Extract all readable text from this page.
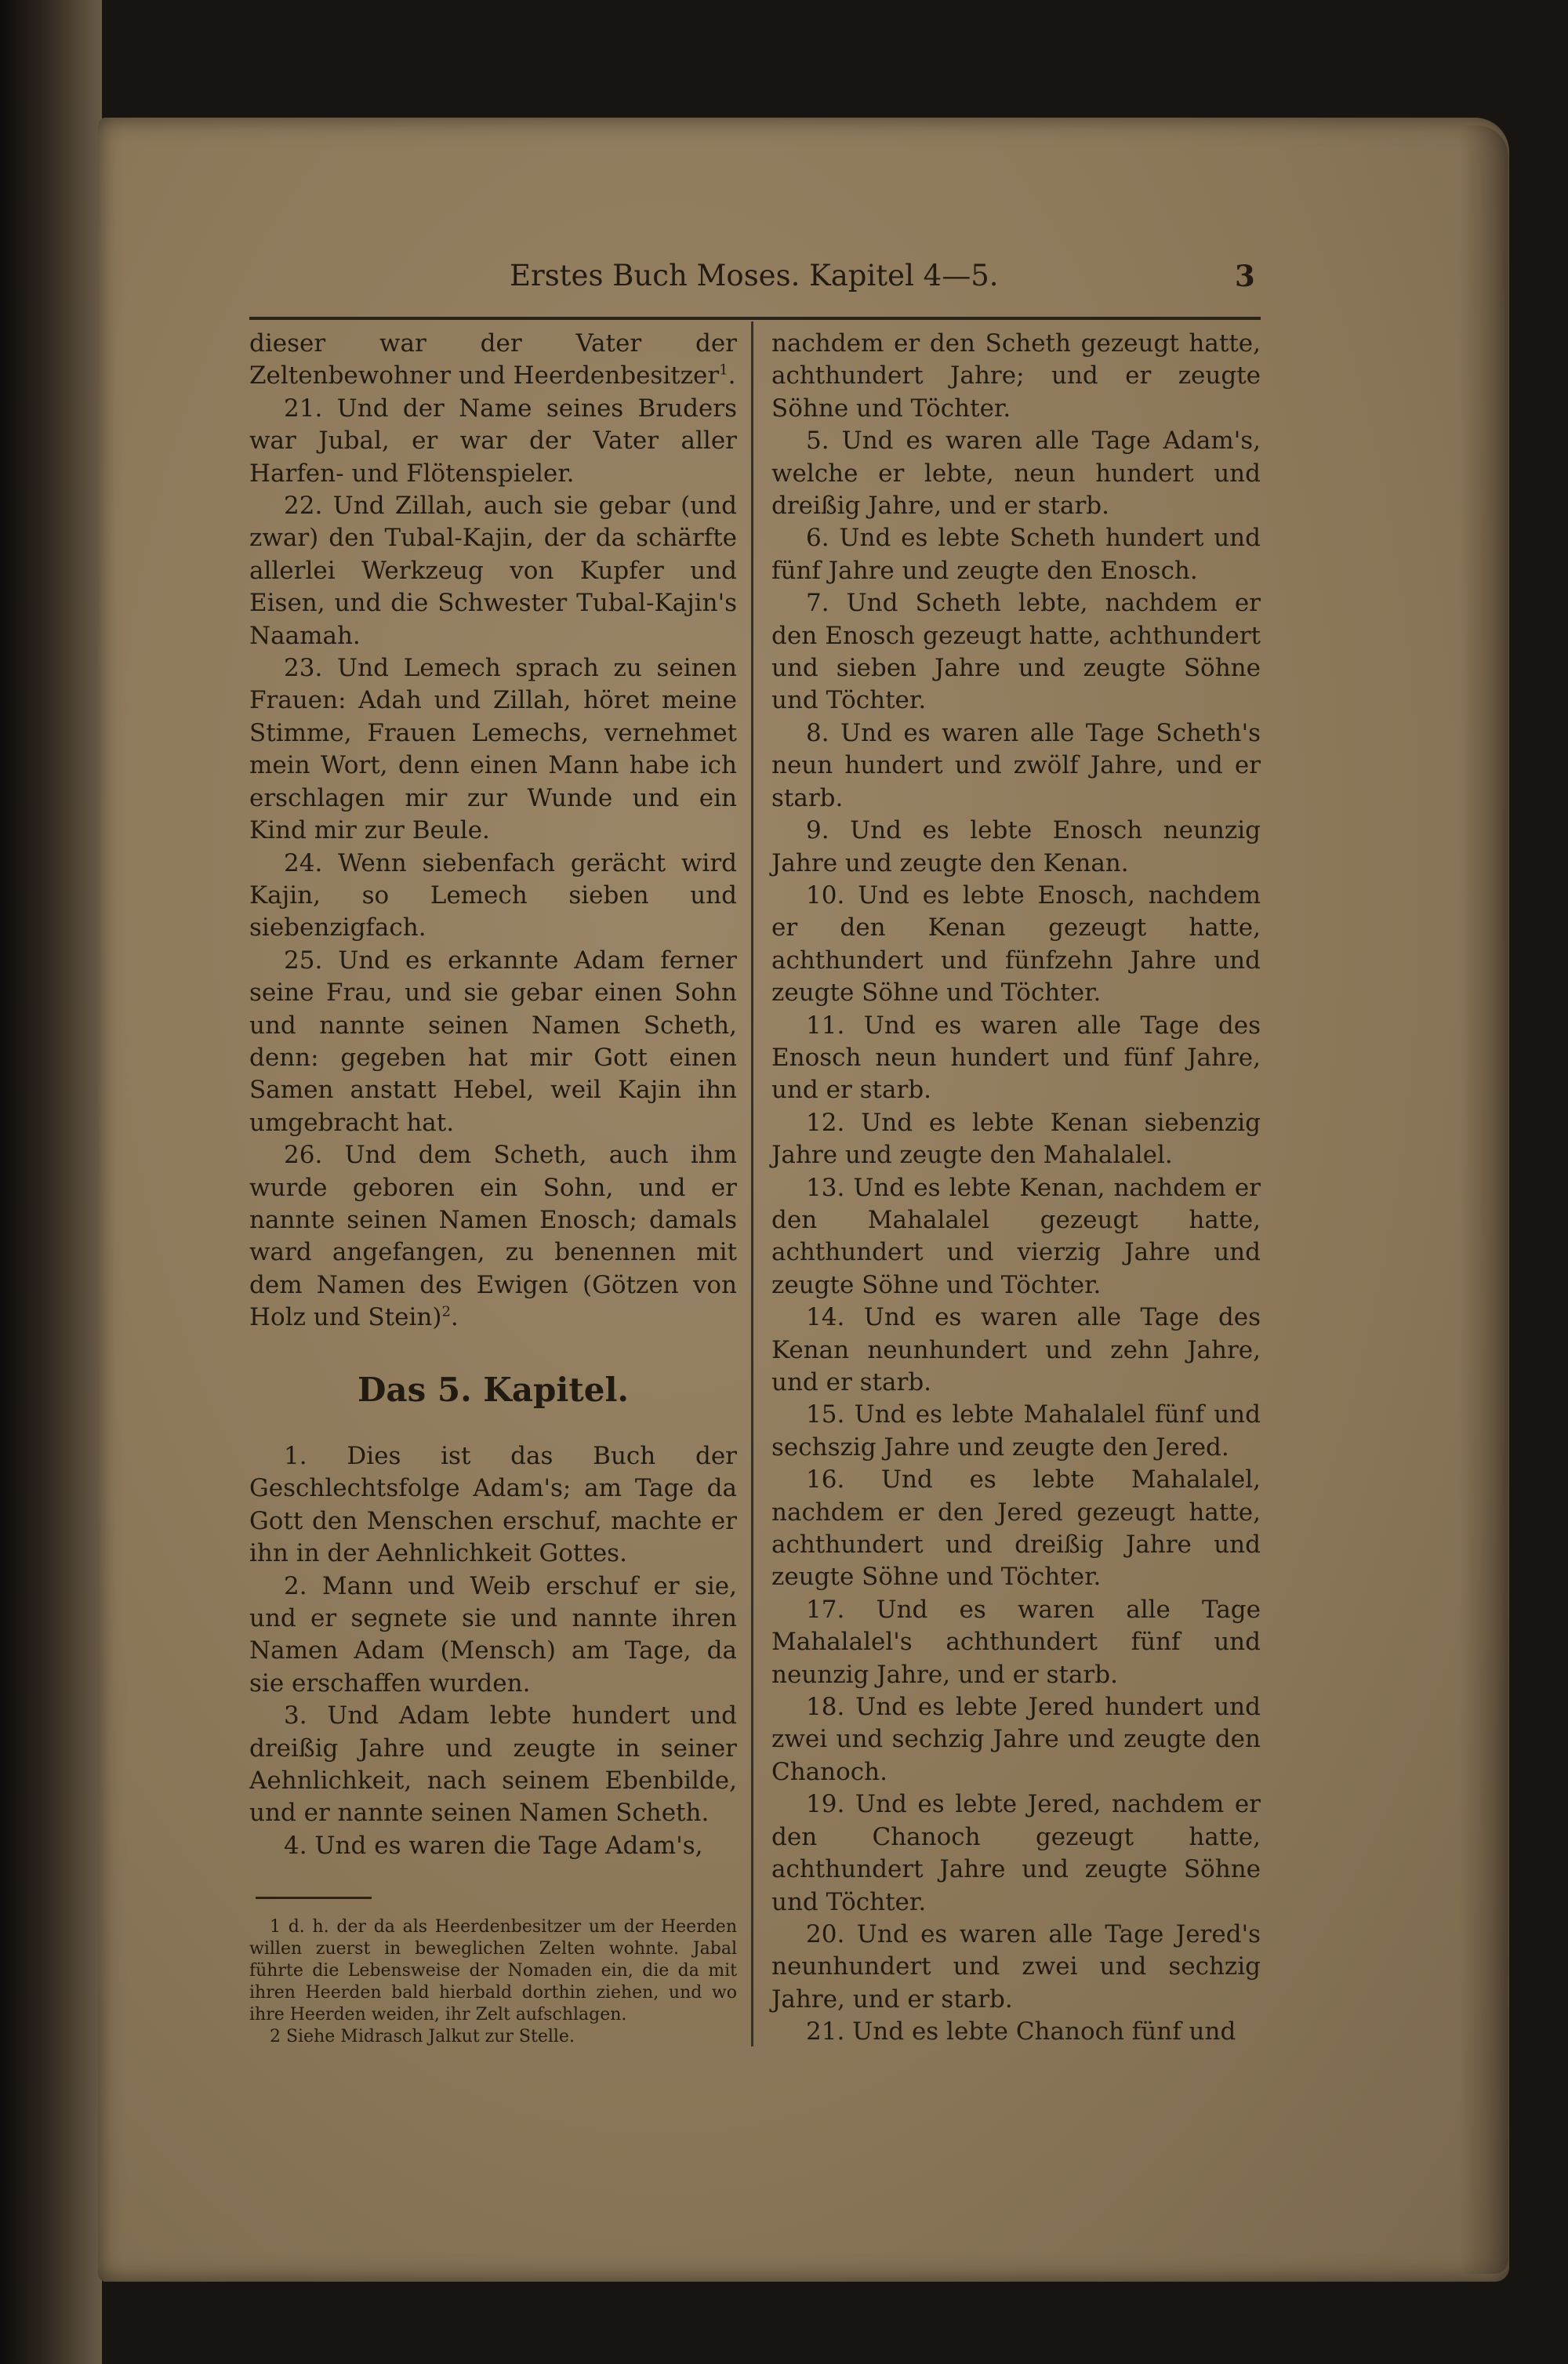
Erstes Buch Moses. Kapitel 4—5.	3

dieser war der Vater der Zeltenbewohner und Heerdenbesitzer$^1$.

21. Und der Name seines Bruders war Jubal, er war der Vater aller Harfen- und Flötenspieler.

22. Und Zillah, auch sie gebar (und zwar) den Tubal-Kajin, der da schärfte allerlei Werkzeug von Kupfer und Eisen, und die Schwester Tubal-Kajin's Naamah.

23. Und Lemech sprach zu seinen Frauen: Adah und Zillah, höret meine Stimme, Frauen Lemechs, vernehmet mein Wort, denn einen Mann habe ich erschlagen mir zur Wunde und ein Kind mir zur Beule.

24. Wenn siebenfach gerächt wird Kajin, so Lemech sieben und siebenzigfach.

25. Und es erkannte Adam ferner seine Frau, und sie gebar einen Sohn und nannte seinen Namen Scheth, denn: gegeben hat mir Gott einen Samen anstatt Hebel, weil Kajin ihn umgebracht hat.

26. Und dem Scheth, auch ihm wurde geboren ein Sohn, und er nannte seinen Namen Enosch; damals ward angefangen, zu benennen mit dem Namen des Ewigen (Götzen von Holz und Stein)$^2$.

Das 5. Kapitel.

1. Dies ist das Buch der Geschlechtsfolge Adam's; am Tage da Gott den Menschen erschuf, machte er ihn in der Aehnlichkeit Gottes.

2. Mann und Weib erschuf er sie, und er segnete sie und nannte ihren Namen Adam (Mensch) am Tage, da sie erschaffen wurden.

3. Und Adam lebte hundert und dreißig Jahre und zeugte in seiner Aehnlichkeit, nach seinem Ebenbilde, und er nannte seinen Namen Scheth.

4. Und es waren die Tage Adam's,

1 d. h. der da als Heerdenbesitzer um der Heerden willen zuerst in beweglichen Zelten wohnte. Jabal führte die Lebensweise der Nomaden ein, die da mit ihren Heerden bald hierbald dorthin ziehen, und wo ihre Heerden weiden, ihr Zelt aufschlagen.

2 Siehe Midrasch Jalkut zur Stelle.

nachdem er den Scheth gezeugt hatte, achthundert Jahre; und er zeugte Söhne und Töchter.

5. Und es waren alle Tage Adam's, welche er lebte, neun hundert und dreißig Jahre, und er starb.

6. Und es lebte Scheth hundert und fünf Jahre und zeugte den Enosch.

7. Und Scheth lebte, nachdem er den Enosch gezeugt hatte, achthundert und sieben Jahre und zeugte Söhne und Töchter.

8. Und es waren alle Tage Scheth's neun hundert und zwölf Jahre, und er starb.

9. Und es lebte Enosch neunzig Jahre und zeugte den Kenan.

10. Und es lebte Enosch, nachdem er den Kenan gezeugt hatte, achthundert und fünfzehn Jahre und zeugte Söhne und Töchter.

11. Und es waren alle Tage des Enosch neun hundert und fünf Jahre, und er starb.

12. Und es lebte Kenan siebenzig Jahre und zeugte den Mahalalel.

13. Und es lebte Kenan, nachdem er den Mahalalel gezeugt hatte, achthundert und vierzig Jahre und zeugte Söhne und Töchter.

14. Und es waren alle Tage des Kenan neunhundert und zehn Jahre, und er starb.

15. Und es lebte Mahalalel fünf und sechszig Jahre und zeugte den Jered.

16. Und es lebte Mahalalel, nachdem er den Jered gezeugt hatte, achthundert und dreißig Jahre und zeugte Söhne und Töchter.

17. Und es waren alle Tage Mahalalel's achthundert fünf und neunzig Jahre, und er starb.

18. Und es lebte Jered hundert und zwei und sechzig Jahre und zeugte den Chanoch.

19. Und es lebte Jered, nachdem er den Chanoch gezeugt hatte, achthundert Jahre und zeugte Söhne und Töchter.

20. Und es waren alle Tage Jered's neunhundert und zwei und sechzig Jahre, und er starb.

21. Und es lebte Chanoch fünf und
